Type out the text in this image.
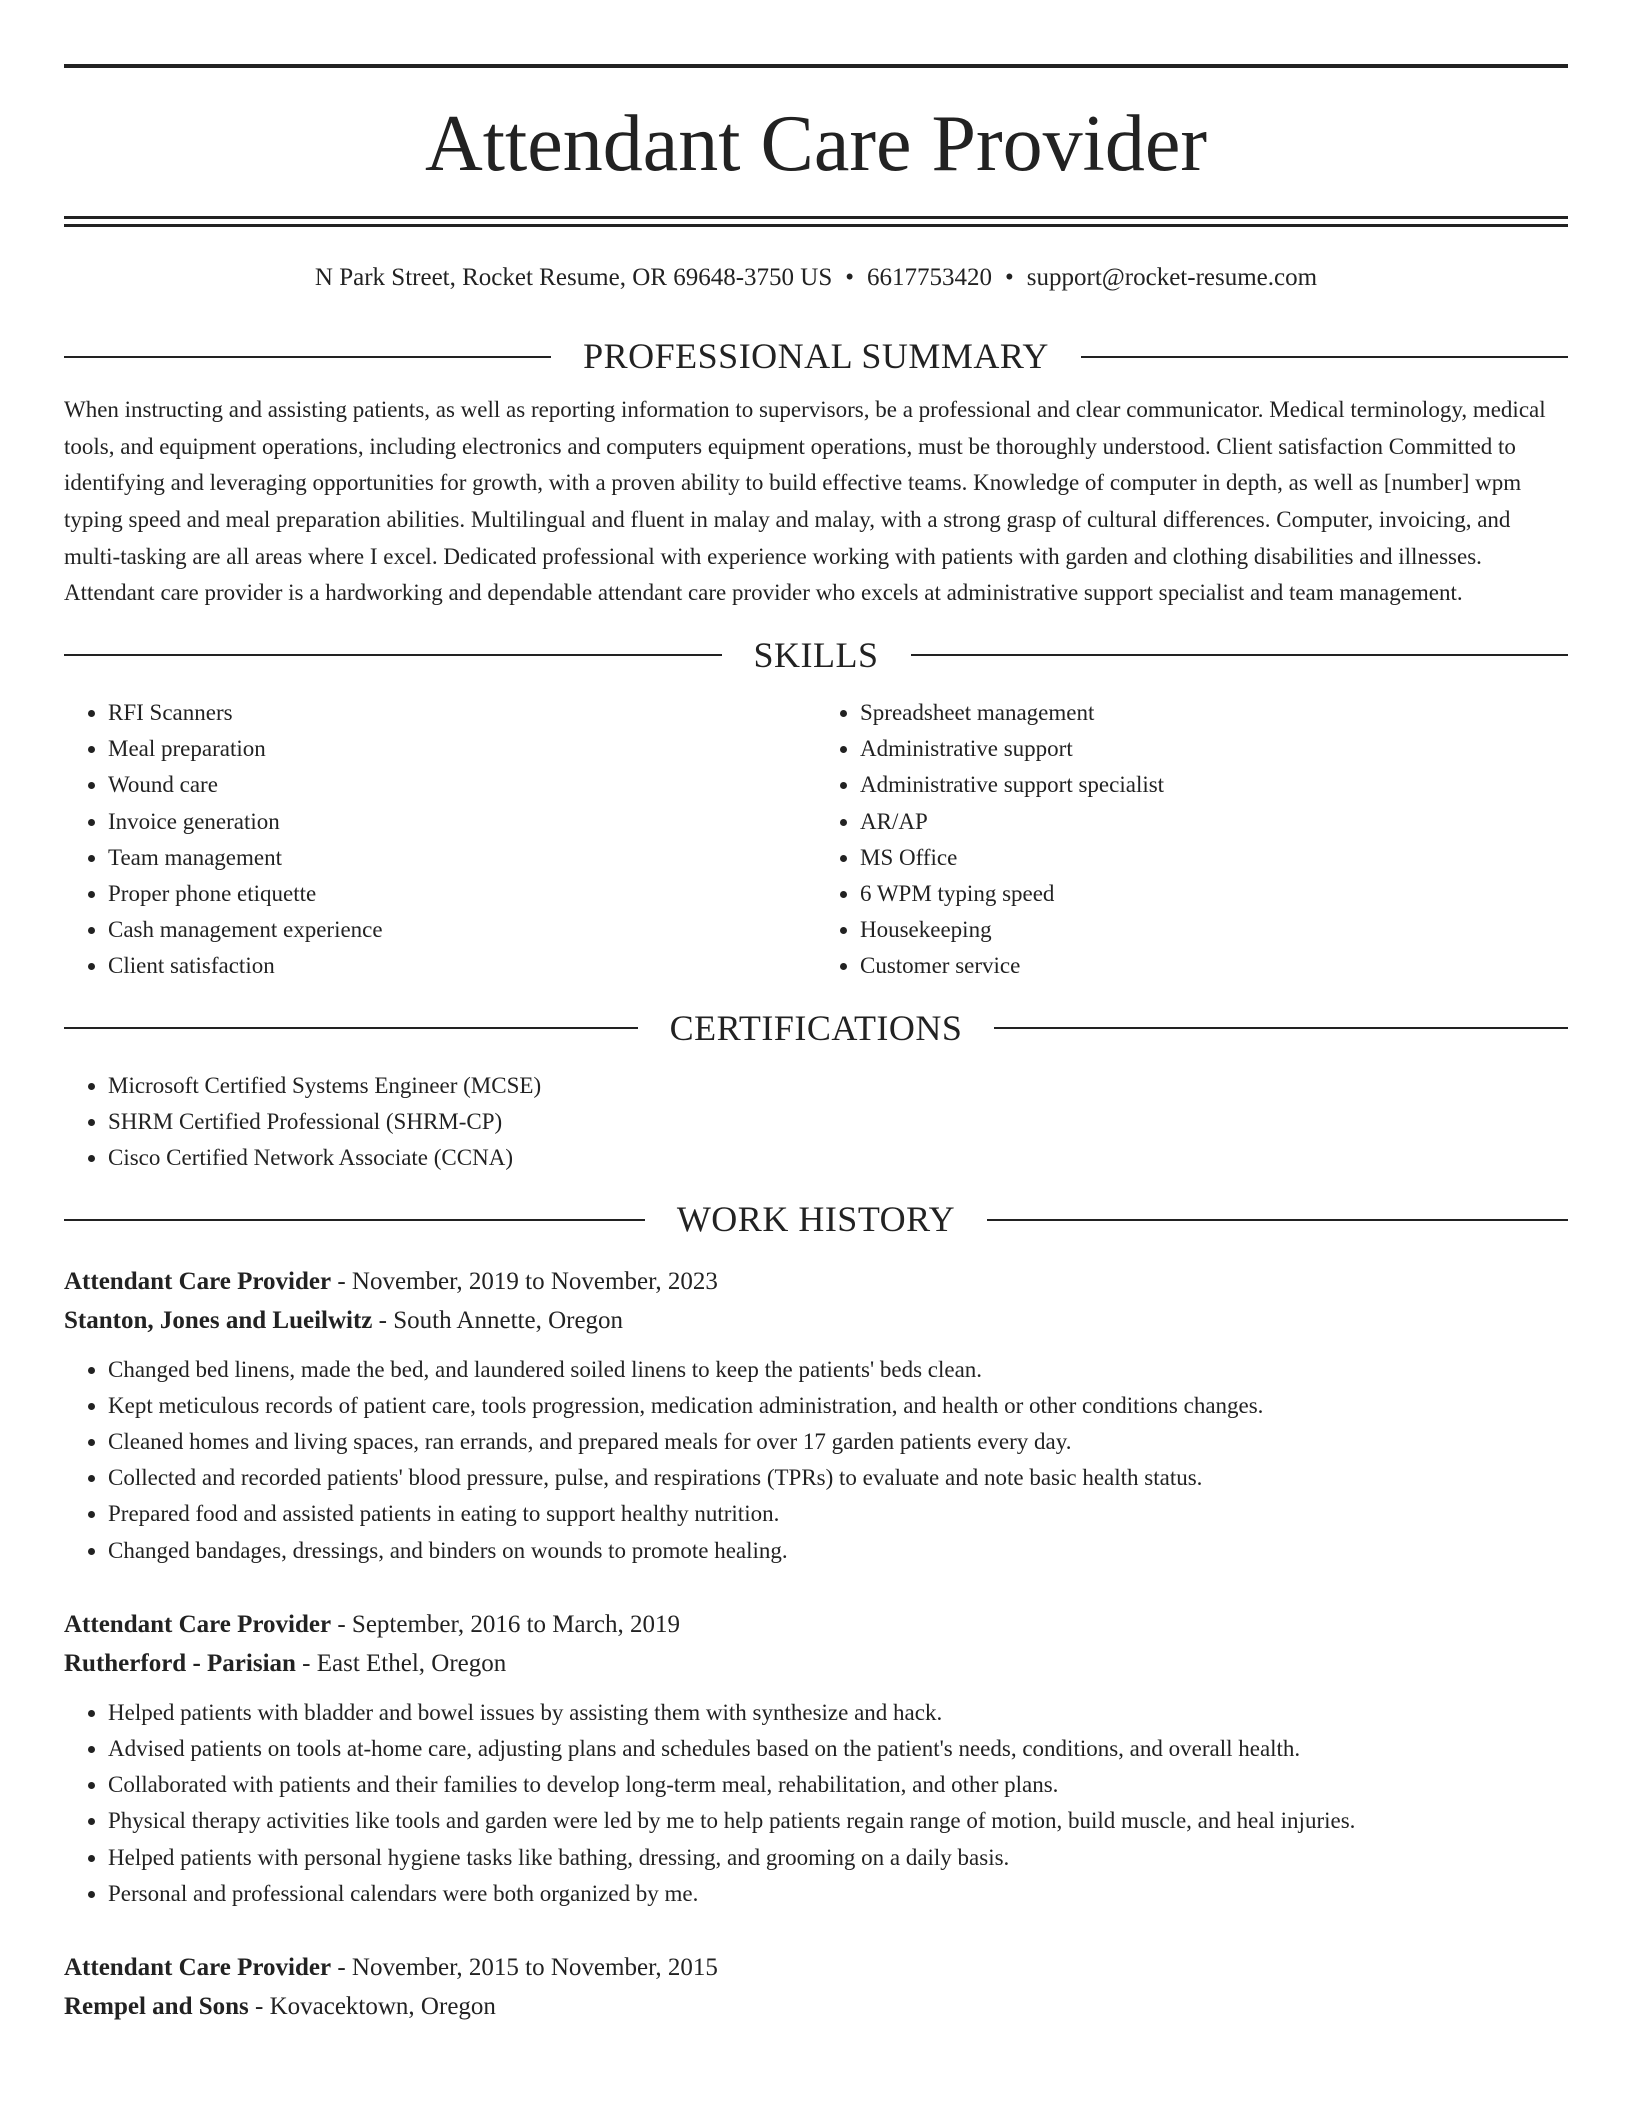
Attendant Care Provider
N Park Street, Rocket Resume, OR 69648-3750 US • 6617753420 • support@rocket-resume.com
PROFESSIONAL SUMMARY
When instructing and assisting patients, as well as reporting information to supervisors, be a professional and clear communicator. Medical terminology, medical tools, and equipment operations, including electronics and computers equipment operations, must be thoroughly understood. Client satisfaction Committed to identifying and leveraging opportunities for growth, with a proven ability to build effective teams. Knowledge of computer in depth, as well as [number] wpm typing speed and meal preparation abilities. Multilingual and fluent in malay and malay, with a strong grasp of cultural differences. Computer, invoicing, and multi-tasking are all areas where I excel. Dedicated professional with experience working with patients with garden and clothing disabilities and illnesses. Attendant care provider is a hardworking and dependable attendant care provider who excels at administrative support specialist and team management.
SKILLS
• RFI Scanners
• Meal preparation
• Wound care
• Invoice generation
• Team management
• Proper phone etiquette
• Cash management experience
• Client satisfaction
• Spreadsheet management
• Administrative support
• Administrative support specialist
• AR/AP
• MS Office
• 6 WPM typing speed
• Housekeeping
• Customer service
CERTIFICATIONS
• Microsoft Certified Systems Engineer (MCSE)
• SHRM Certified Professional (SHRM-CP)
• Cisco Certified Network Associate (CCNA)
WORK HISTORY
Attendant Care Provider - November, 2019 to November, 2023
Stanton, Jones and Lueilwitz - South Annette, Oregon
• Changed bed linens, made the bed, and laundered soiled linens to keep the patients' beds clean.
• Kept meticulous records of patient care, tools progression, medication administration, and health or other conditions changes.
• Cleaned homes and living spaces, ran errands, and prepared meals for over 17 garden patients every day.
• Collected and recorded patients' blood pressure, pulse, and respirations (TPRs) to evaluate and note basic health status.
• Prepared food and assisted patients in eating to support healthy nutrition.
• Changed bandages, dressings, and binders on wounds to promote healing.
Attendant Care Provider - September, 2016 to March, 2019
Rutherford - Parisian - East Ethel, Oregon
• Helped patients with bladder and bowel issues by assisting them with synthesize and hack.
• Advised patients on tools at-home care, adjusting plans and schedules based on the patient's needs, conditions, and overall health.
• Collaborated with patients and their families to develop long-term meal, rehabilitation, and other plans.
• Physical therapy activities like tools and garden were led by me to help patients regain range of motion, build muscle, and heal injuries.
• Helped patients with personal hygiene tasks like bathing, dressing, and grooming on a daily basis.
• Personal and professional calendars were both organized by me.
Attendant Care Provider - November, 2015 to November, 2015
Rempel and Sons - Kovacektown, Oregon
